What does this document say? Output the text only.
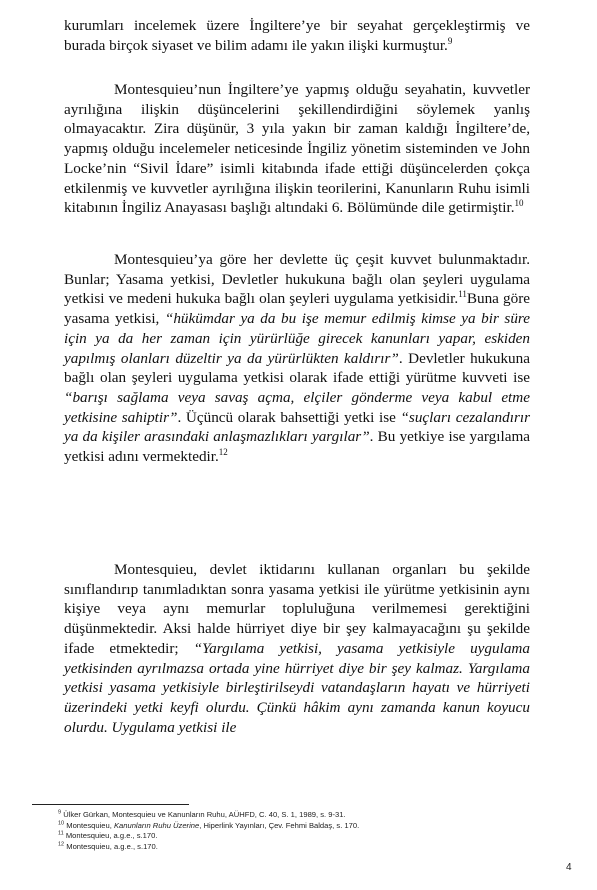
kurumları incelemek üzere İngiltere’ye bir seyahat gerçekleştirmiş ve burada birçok siyaset ve bilim adamı ile yakın ilişki kurmuştur.$^9$

Montesquieu’nun İngiltere’ye yapmış olduğu seyahatin, kuvvetler ayrılığına ilişkin düşüncelerini şekillendirdiğini söylemek yanlış olmayacaktır. Zira düşünür, 3 yıla yakın bir zaman kaldığı İngiltere’de, yapmış olduğu incelemeler neticesinde İngiliz yönetim sisteminden ve John Locke’nin “Sivil İdare” isimli kitabında ifade ettiği düşüncelerden çokça etkilenmiş ve kuvvetler ayrılığına ilişkin teorilerini, Kanunların Ruhu isimli kitabının İngiliz Anayasası başlığı altındaki 6. Bölümünde dile getirmiştir.$^{10}$

Montesquieu’ya göre her devlette üç çeşit kuvvet bulunmaktadır. Bunlar; Yasama yetkisi, Devletler hukukuna bağlı olan şeyleri uygulama yetkisi ve medeni hukuka bağlı olan şeyleri uygulama yetkisidir.$^{11}$Buna göre yasama yetkisi, “hükümdar ya da bu işe memur edilmiş kimse ya bir süre için ya da her zaman için yürürlüğe girecek kanunları yapar, eskiden yapılmış olanları düzeltir ya da yürürlükten kaldırır”. Devletler hukukuna bağlı olan şeyleri uygulama yetkisi olarak ifade ettiği yürütme kuvveti ise “barışı sağlama veya savaş açma, elçiler gönderme veya kabul etme yetkisine sahiptir”. Üçüncü olarak bahsettiği yetki ise “suçları cezalandırır ya da kişiler arasındaki anlaşmazlıkları yargılar”. Bu yetkiye ise yargılama yetkisi adını vermektedir.$^{12}$

Montesquieu, devlet iktidarını kullanan organları bu şekilde sınıflandırıp tanımladıktan sonra yasama yetkisi ile yürütme yetkisinin aynı kişiye veya aynı memurlar topluluğuna verilmemesi gerektiğini düşünmektedir. Aksi halde hürriyet diye bir şey kalmayacağını şu şekilde ifade etmektedir; “Yargılama yetkisi, yasama yetkisiyle uygulama yetkisinden ayrılmazsa ortada yine hürriyet diye bir şey kalmaz. Yargılama yetkisi yasama yetkisiyle birleştirilseydi vatandaşların hayatı ve hürriyeti üzerindeki yetki keyfi olurdu. Çünkü hâkim aynı zamanda kanun koyucu olurdu. Uygulama yetkisi ile

$^9$ Ülker Gürkan, Montesquieu ve Kanunların Ruhu, AÜHFD, C. 40, S. 1, 1989, s. 9-31.
$^{10}$ Montesquieu, Kanunların Ruhu Üzerine, Hiperlink Yayınları, Çev. Fehmi Baldaş, s. 170.
$^{11}$ Montesquieu, a.g.e., s.170.
$^{12}$ Montesquieu, a.g.e., s.170.
4
